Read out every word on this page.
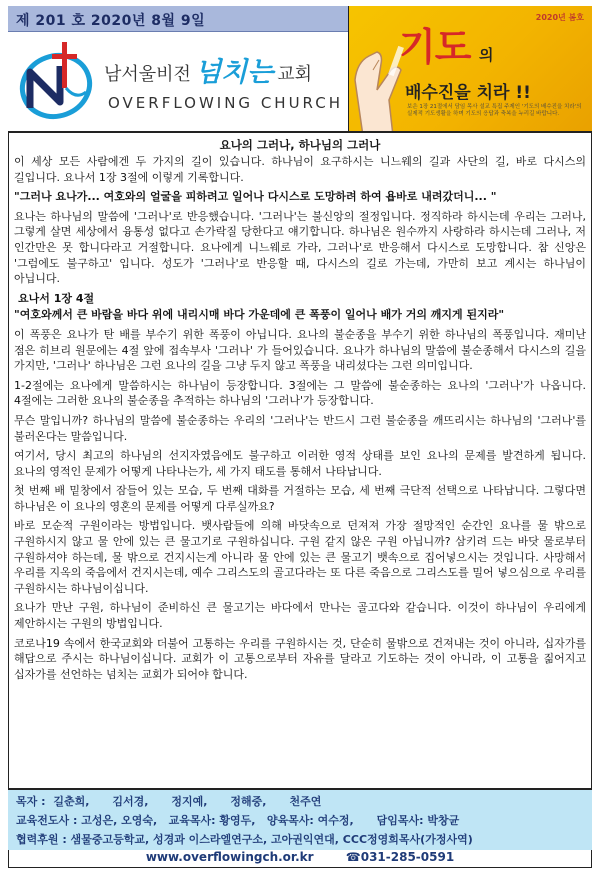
제 201 호 2020년 8월 9일
남서울비전 넘치는 교회
OVERFLOWING CHURCH
2020년 봄호
기도 의
배수진을 치라 !!
보은 1장 21절에서 담임 목사 설교 특집 주제인 '기도의 배수진을 치라'의 실제적 기도생활을 하며 기도의 응답과 축복을 누리길 바랍니다.
요나의 그러나, 하나님의 그러나
이 세상 모든 사람에겐 두 가지의 길이 있습니다. 하나님이 요구하시는 니느웨의 길과 사단의 길, 바로 다시스의 길입니다. 요나서 1장 3절에 이렇게 기록합니다.
"그러나 요나가... 여호와의 얼굴을 피하려고 일어나 다시스로 도망하려 하여 욥바로 내려갔더니... "
요나는 하나님의 말씀에 '그러나'로 반응했습니다. '그러나'는 불신앙의 절정입니다. 정직하라 하시는데 우리는 그러나, 그렇게 살면 세상에서 융통성 없다고 손가락질 당한다고 얘기합니다. 하나님은 원수까지 사랑하라 하시는데 그러나, 저 인간만은 못 합니다라고 거절합니다. 요나에게 니느웨로 가라, 그러나'로 반응해서 다시스로 도망합니다. 참 신앙은 '그럼에도 불구하고' 입니다. 성도가 '그러나'로 반응할 때, 다시스의 길로 가는데, 가만히 보고 계시는 하나님이 아닙니다.
요나서 1장 4절
"여호와께서 큰 바람을 바다 위에 내리시매 바다 가운데에 큰 폭풍이 일어나 배가 거의 깨지게 된지라"
이 폭풍은 요나가 탄 배를 부수기 위한 폭풍이 아닙니다. 요나의 불순종을 부수기 위한 하나님의 폭풍입니다. 재미난 점은 히브리 원문에는 4절 앞에 접속부사 '그러나' 가 들어있습니다. 요나가 하나님의 말씀에 불순종해서 다시스의 길을 가지만, '그러나' 하나님은 그런 요나의 길을 그냥 두지 않고 폭풍을 내리셨다는 그런 의미입니다.
1-2절에는 요나에게 말씀하시는 하나님이 등장합니다. 3절에는 그 말씀에 불순종하는 요나의 '그러나'가 나옵니다. 4절에는 그러한 요나의 불순종을 추적하는 하나님의 '그러나'가 등장합니다.
무슨 말입니까? 하나님의 말씀에 불순종하는 우리의 '그러나'는 반드시 그런 불순종을 깨뜨리시는 하나님의 '그러나'를 불러온다는 말씀입니다.
여기서, 당시 최고의 하나님의 선지자였음에도 불구하고 이러한 영적 상태를 보인 요나의 문제를 발견하게 됩니다. 요나의 영적인 문제가 어떻게 나타나는가, 세 가지 태도를 통해서 나타납니다.
첫 번째 배 밑창에서 잠들어 있는 모습, 두 번째 대화를 거절하는 모습, 세 번째 극단적 선택으로 나타납니다. 그렇다면 하나님은 이 요나의 영혼의 문제를 어떻게 다루실까요?
바로 모순적 구원이라는 방법입니다. 뱃사람들에 의해 바닷속으로 던져져 가장 절망적인 순간인 요나를 물 밖으로 구원하시지 않고 물 안에 있는 큰 물고기로 구원하십니다. 구원 같지 않은 구원 아닙니까? 삼키려 드는 바닷 물로부터 구원하셔야 하는데, 물 밖으로 건지시는게 아니라 물 안에 있는 큰 물고기 뱃속으로 집어넣으시는 것입니다. 사망해서 우리를 지옥의 죽음에서 건지시는데, 예수 그리스도의 골고다라는 또 다른 죽음으로 그리스도를 밀어 넣으심으로 우리를 구원하시는 하나님이십니다.
요나가 만난 구원, 하나님이 준비하신 큰 물고기는 바다에서 만나는 골고다와 같습니다. 이것이 하나님이 우리에게 제안하시는 구원의 방법입니다.
코로나19 속에서 한국교회와 더불어 고통하는 우리를 구원하시는 것, 단순히 물밖으로 건져내는 것이 아니라, 십자가를 해답으로 주시는 하나님이십니다. 교회가 이 고통으로부터 자유를 달라고 기도하는 것이 아니라, 이 고통을 짊어지고 십자가를 선언하는 넘치는 교회가 되어야 합니다.
목자 : 길춘희,      김서경,      정지예,      정해중,      천주연
교육전도사 : 고성은, 오영숙,   교육목사: 황영두,   양육목사: 여수정,      담임목사: 박창균
협력후원 : 샘물중고등학교, 성경과 이스라엘연구소, 고아권익연대, CCC정영희목사(가정사역)
www.overflowingch.or.kr	☎031-285-0591
